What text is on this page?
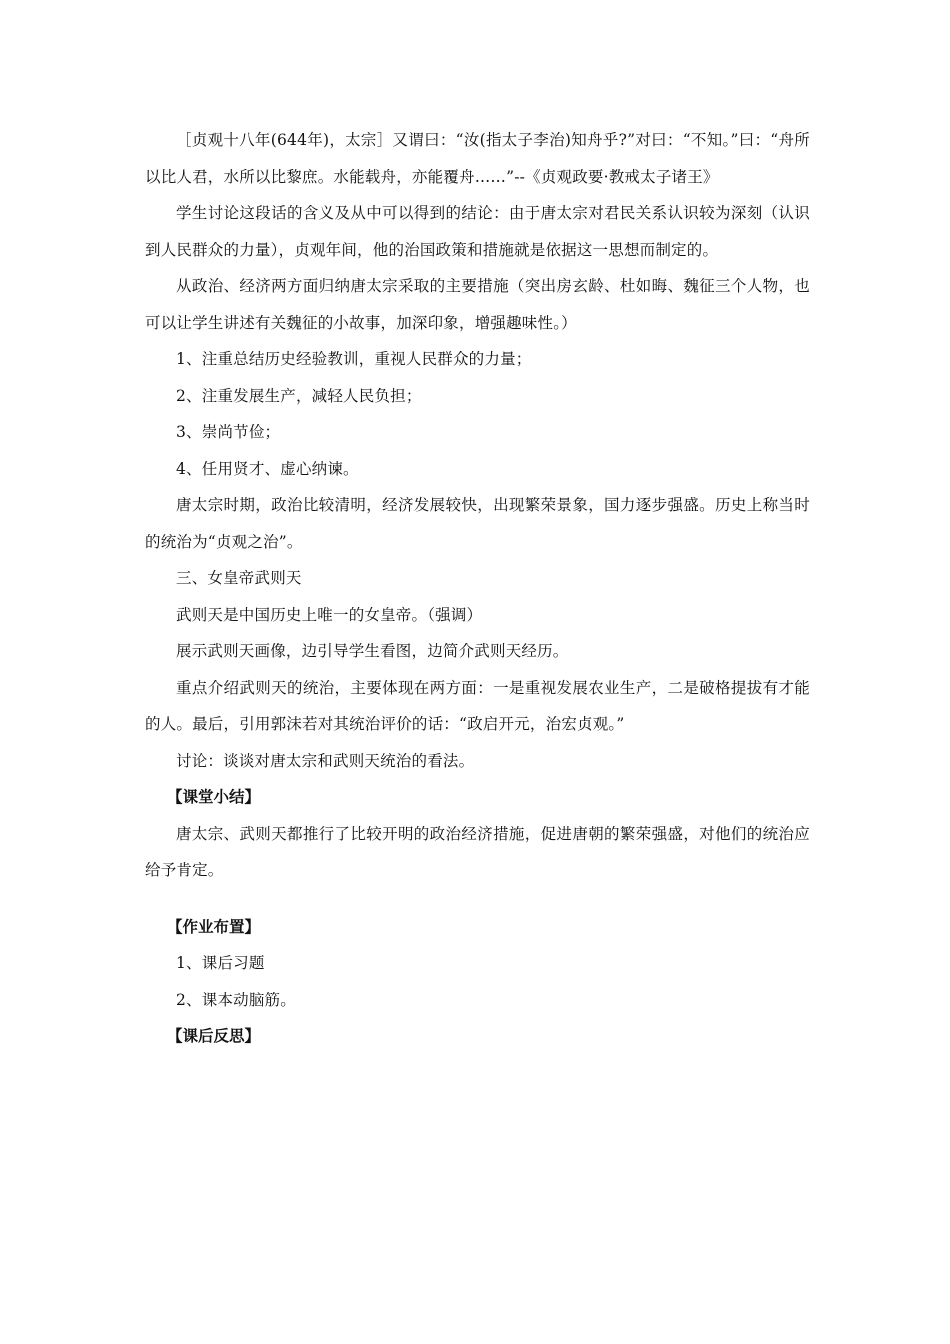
［贞观十八年(644年)，太宗］又谓曰：“汝(指太子李治)知舟乎?”对曰：“不知。”曰：“舟所以比人君，水所以比黎庶。水能载舟，亦能覆舟……”--《贞观政要·教戒太子诸王》

学生讨论这段话的含义及从中可以得到的结论：由于唐太宗对君民关系认识较为深刻（认识到人民群众的力量），贞观年间，他的治国政策和措施就是依据这一思想而制定的。

从政治、经济两方面归纳唐太宗采取的主要措施（突出房玄龄、杜如晦、魏征三个人物，也可以让学生讲述有关魏征的小故事，加深印象，增强趣味性。）

1、注重总结历史经验教训，重视人民群众的力量；

2、注重发展生产，减轻人民负担；

3、崇尚节俭；

4、任用贤才、虚心纳谏。

唐太宗时期，政治比较清明，经济发展较快，出现繁荣景象，国力逐步强盛。历史上称当时的统治为“贞观之治”。

三、女皇帝武则天

武则天是中国历史上唯一的女皇帝。（强调）

展示武则天画像，边引导学生看图，边简介武则天经历。

重点介绍武则天的统治，主要体现在两方面：一是重视发展农业生产，二是破格提拔有才能的人。最后，引用郭沫若对其统治评价的话：“政启开元，治宏贞观。”

讨论：谈谈对唐太宗和武则天统治的看法。

【课堂小结】

唐太宗、武则天都推行了比较开明的政治经济措施，促进唐朝的繁荣强盛，对他们的统治应给予肯定。

【作业布置】

1、课后习题

2、课本动脑筋。

【课后反思】
